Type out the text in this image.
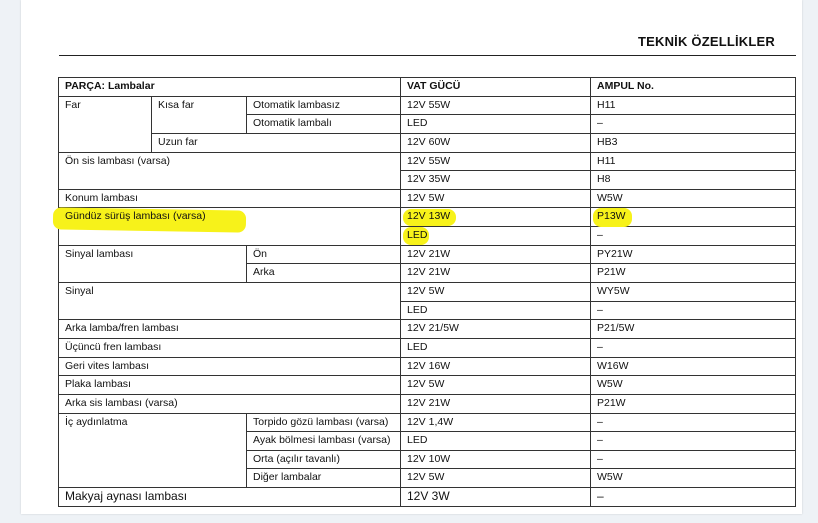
TEKNİK ÖZELLİKLER
PARÇA: Lambalar			VAT GÜCÜ	AMPUL No.
Far	Kısa far	Otomatik lambasız	12V 55W	H11
		Otomatik lambalı	LED	–
	Uzun far		12V 60W	HB3
Ön sis lambası (varsa)			12V 55W	H11
			12V 35W	H8
Konum lambası			12V 5W	W5W
Gündüz sürüş lambası (varsa)			12V 13W	P13W
			LED	–
Sinyal lambası		Ön	12V 21W	PY21W
		Arka	12V 21W	P21W
Sinyal			12V 5W	WY5W
			LED	–
Arka lamba/fren lambası			12V 21/5W	P21/5W
Üçüncü fren lambası			LED	–
Geri vites lambası			12V 16W	W16W
Plaka lambası			12V 5W	W5W
Arka sis lambası (varsa)			12V 21W	P21W
İç aydınlatma		Torpido gözü lambası (varsa)	12V 1,4W	–
		Ayak bölmesi lambası (varsa)	LED	–
		Orta (açılır tavanlı)	12V 10W	–
		Diğer lambalar	12V 5W	W5W
Makyaj aynası lambası			12V 3W	–
